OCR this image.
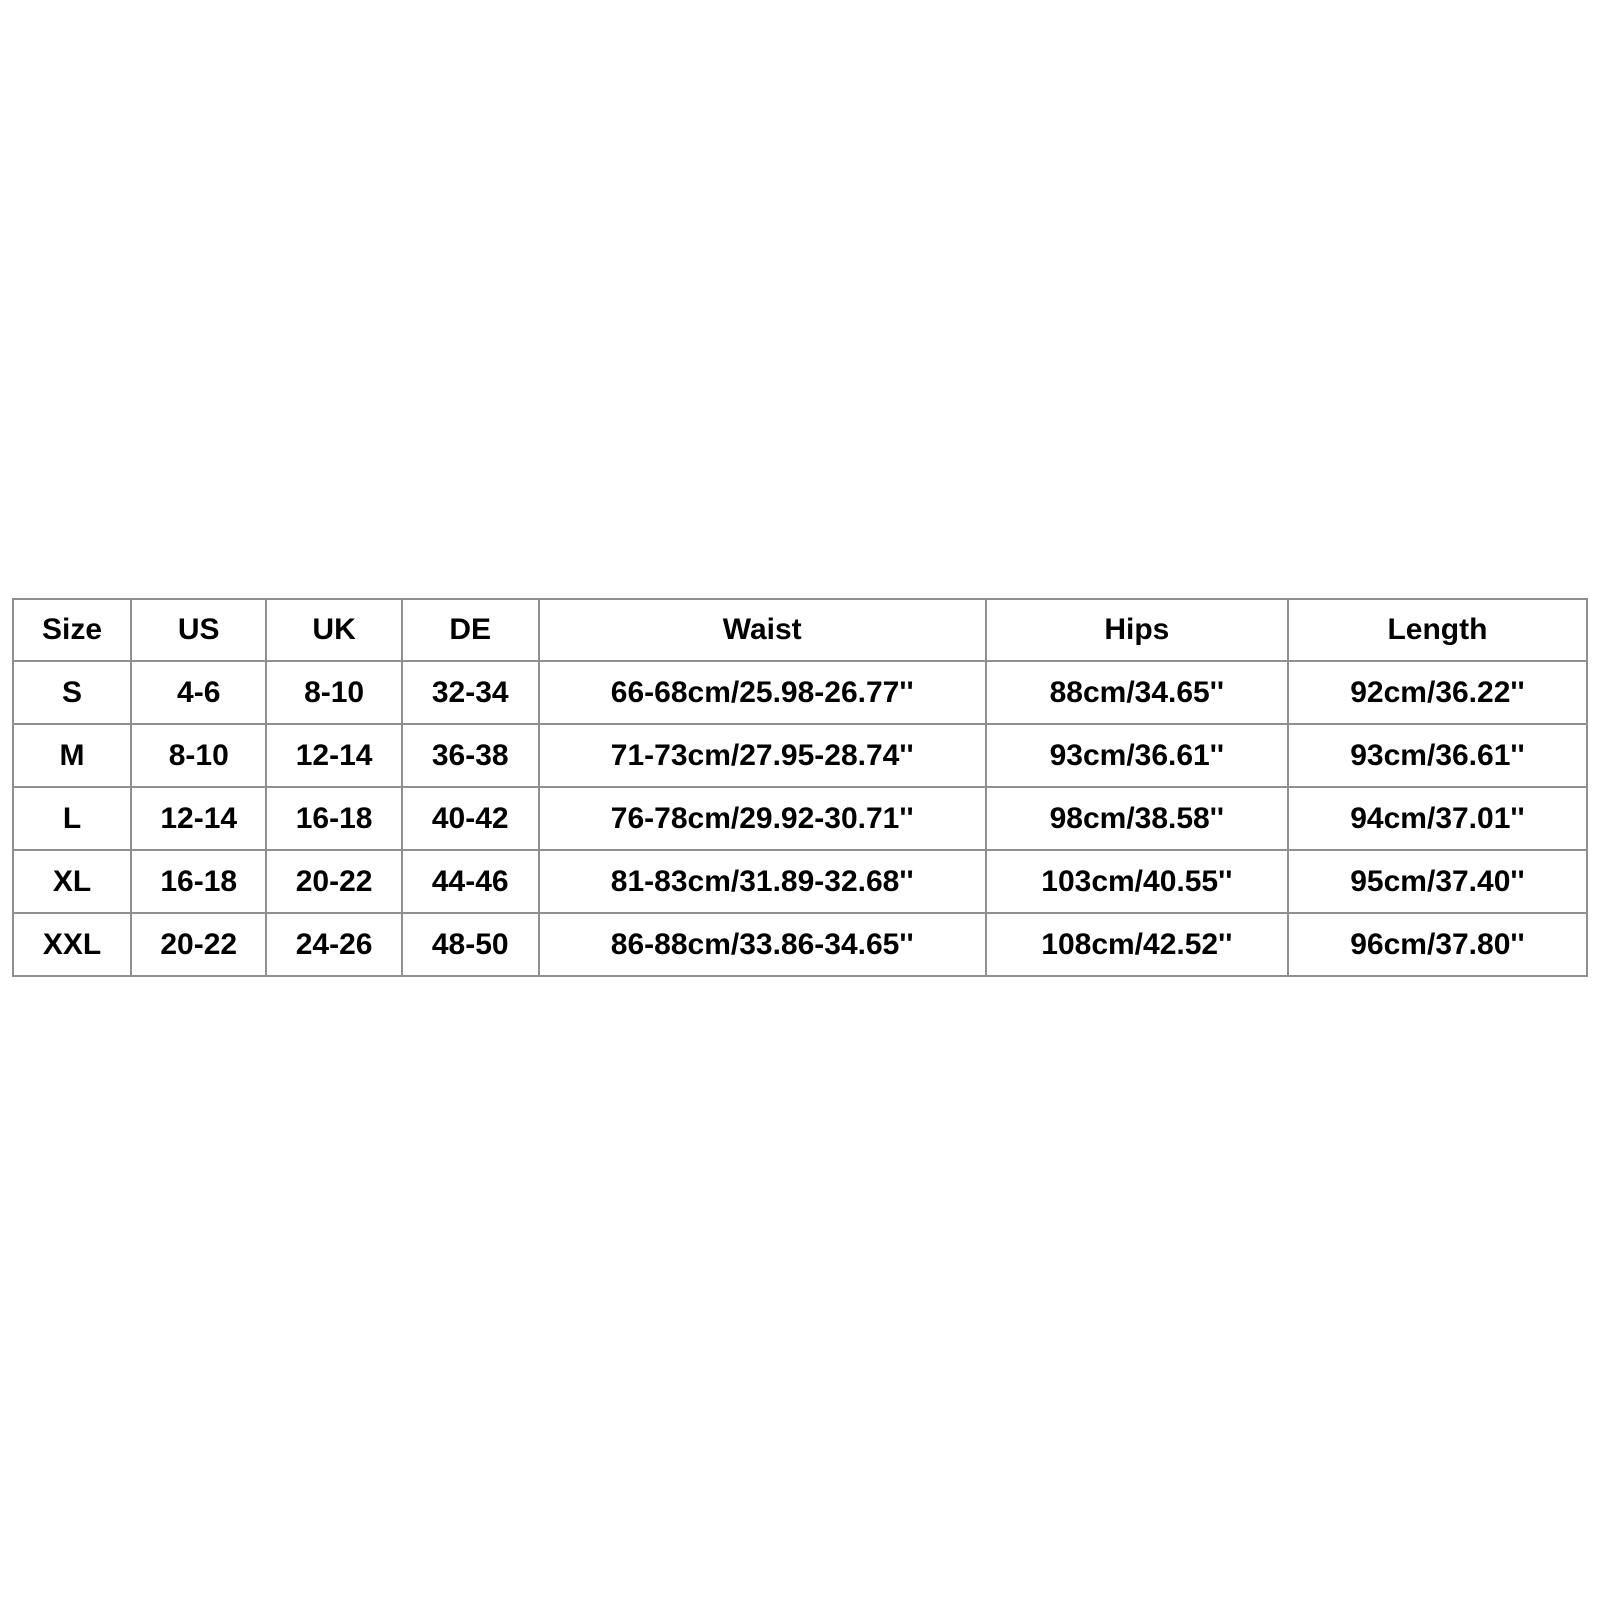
Size	US	UK	DE	Waist	Hips	Length
S	4-6	8-10	32-34	66-68cm/25.98-26.77''	88cm/34.65''	92cm/36.22''
M	8-10	12-14	36-38	71-73cm/27.95-28.74''	93cm/36.61''	93cm/36.61''
L	12-14	16-18	40-42	76-78cm/29.92-30.71''	98cm/38.58''	94cm/37.01''
XL	16-18	20-22	44-46	81-83cm/31.89-32.68''	103cm/40.55''	95cm/37.40''
XXL	20-22	24-26	48-50	86-88cm/33.86-34.65''	108cm/42.52''	96cm/37.80''
